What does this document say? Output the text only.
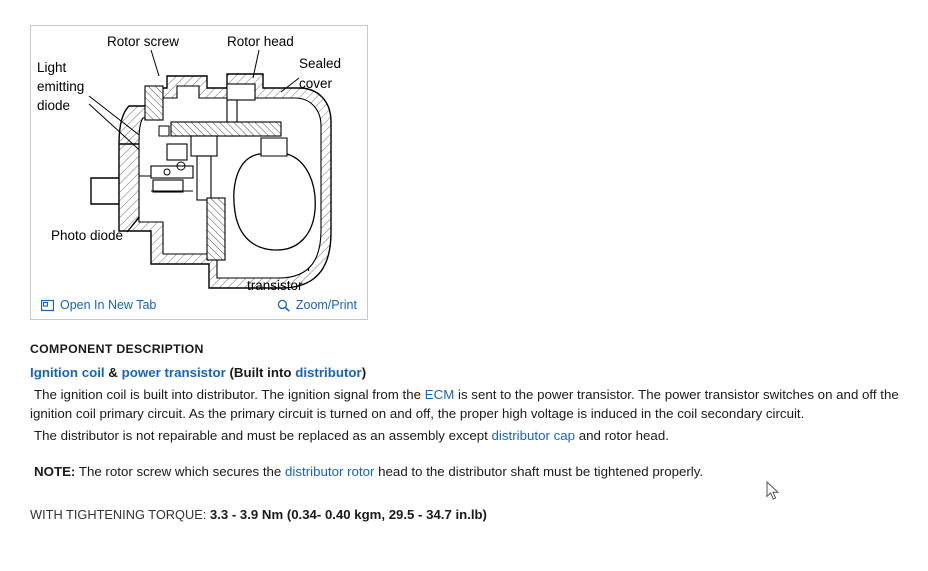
Rotor screw	Rotor head
Sealed
cover
Light
emitting
diode
Photo diode
Open In New Tab	Zoom/Print
COMPONENT DESCRIPTION
Ignition coil & power transistor (Built into distributor)

The ignition coil is built into distributor. The ignition signal from the ECM is sent to the power transistor. The power transistor switches on and off the ignition coil primary circuit. As the primary circuit is turned on and off, the proper high voltage is induced in the coil secondary circuit.

The distributor is not repairable and must be replaced as an assembly except distributor cap and rotor head.

NOTE: The rotor screw which secures the distributor rotor head to the distributor shaft must be tightened properly.

WITH TIGHTENING TORQUE: 3.3 - 3.9 Nm (0.34- 0.40 kgm, 29.5 - 34.7 in.lb)
